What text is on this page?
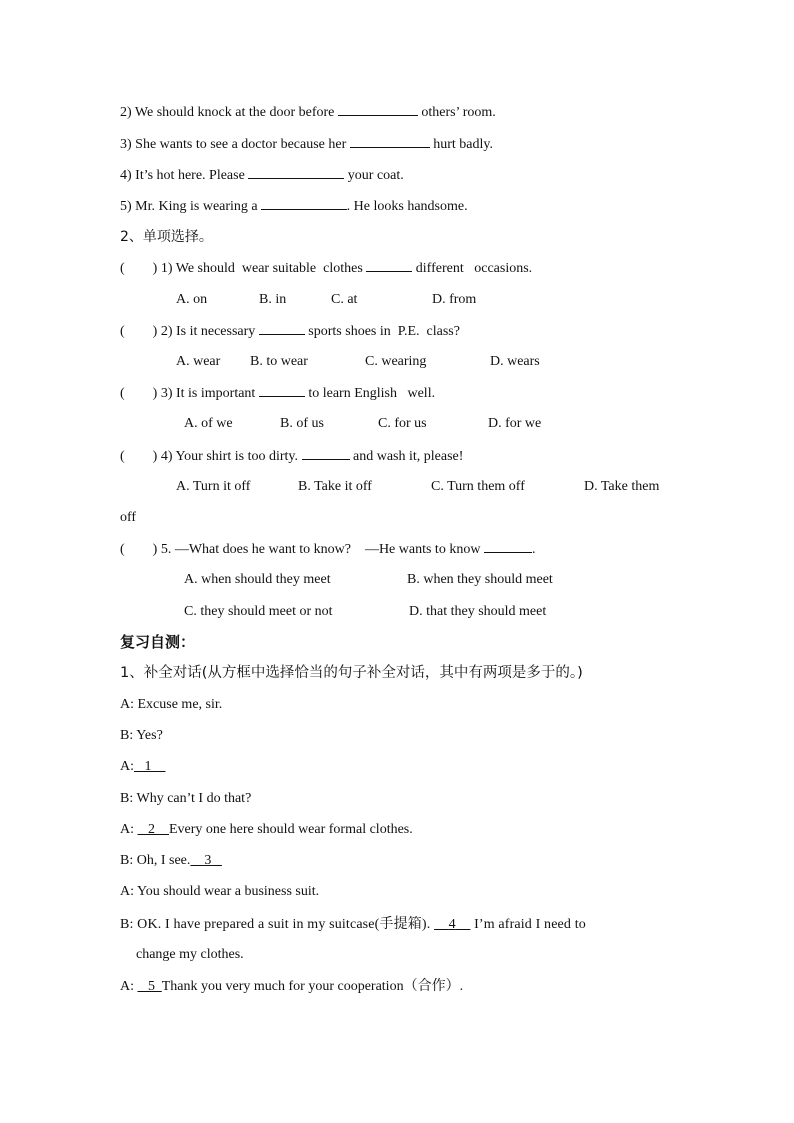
2) We should knock at the door before	others’ room.
3) She wants to see a doctor because her	hurt badly.
4) It’s hot here. Please	your coat.
5) Mr. King is wearing a	. He looks handsome.
2、单项选择。
(        ) 1) We should  wear suitable  clothes	different   occasions.
A. on	B. in	C. at	D. from
(        ) 2) Is it necessary	sports shoes in  P.E.  class?
A. wear B. to wear	C. wearing	D. wears
(        ) 3) It is important	to learn English   well.
A. of we	B. of us	C. for us	D. for we
(        ) 4) Your shirt is too dirty.	and wash it, please!
A. Turn it off	B. Take it off	C. Turn them off	D. Take them
off
(        ) 5. —What does he want to know?    —He wants to know	.
A. when should they meet	B. when they should meet
C. they should meet or not	D. that they should meet
复习自测：
1、补全对话(从方框中选择恰当的句子补全对话，其中有两项是多于的。)
A: Excuse me, sir.
B: Yes?
A: 1
B: Why can’t I do that?
A: 2 Every one here should wear formal clothes.
B: Oh, I see. 3
A: You should wear a business suit.
B: OK. I have prepared a suit in my suitcase(手提箱). 4 I’m afraid I need to
change my clothes.
A: 5 Thank you very much for your cooperation（合作）.
